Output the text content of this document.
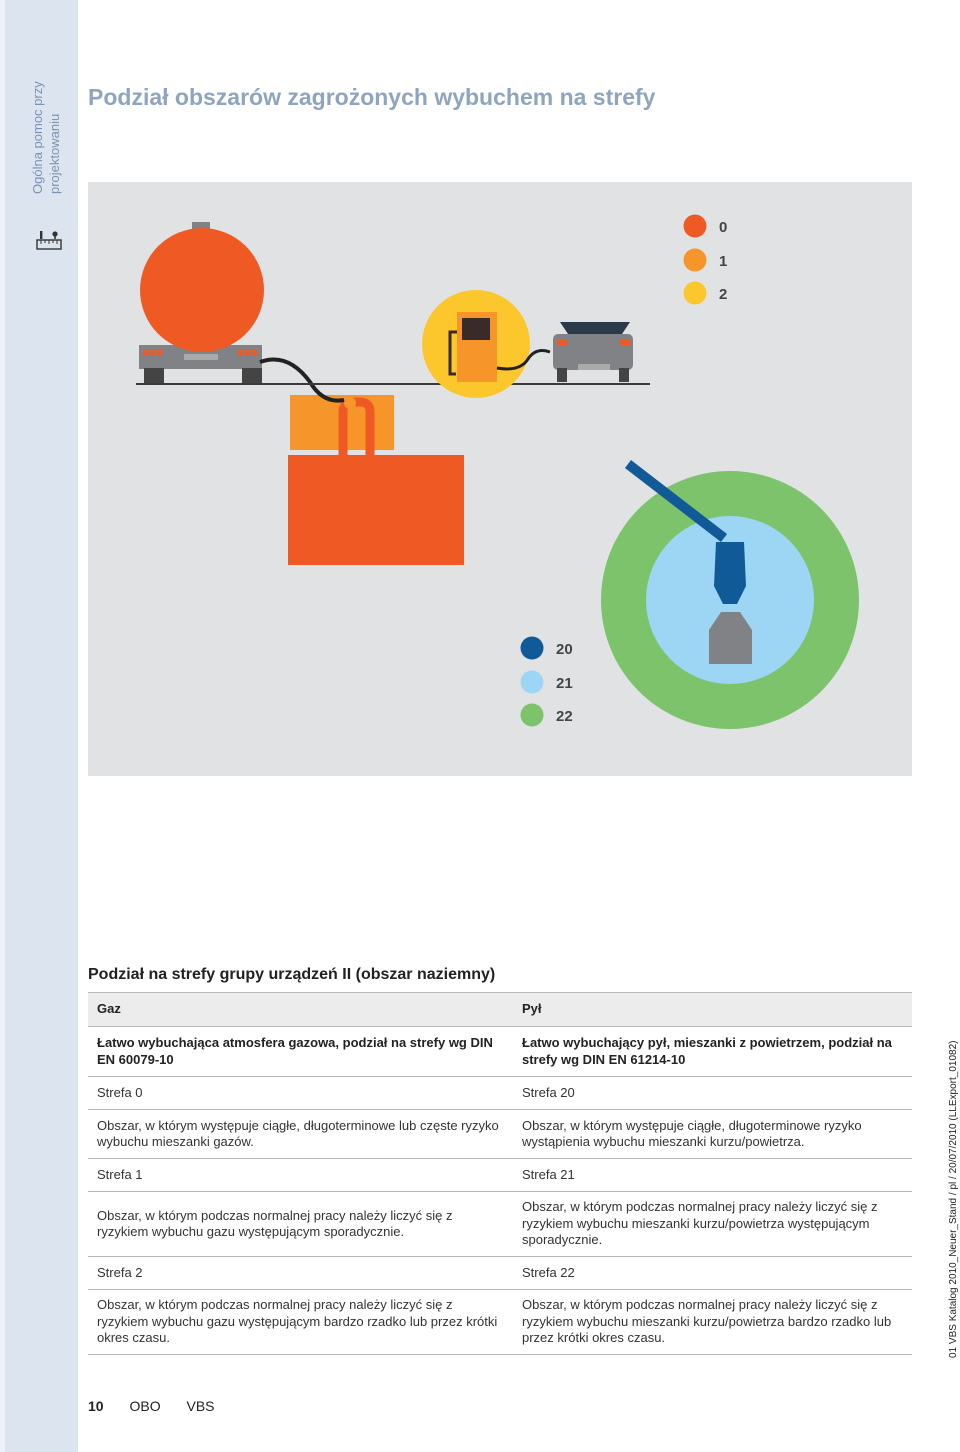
Ogólna pomoc przy projektowaniu
Podział obszarów zagrożonych wybuchem na strefy
0
1
2
20
21
22
Podział na strefy grupy urządzeń II (obszar naziemny)
Gaz	Pył
Łatwo wybuchająca atmosfera gazowa, podział na strefy wg DIN EN 60079-10	Łatwo wybuchający pył, mieszanki z powietrzem, podział na strefy wg DIN EN 61214-10
Strefa 0	Strefa 20
Obszar, w którym występuje ciągłe, długoterminowe lub częste ryzyko wybuchu mieszanki gazów.	Obszar, w którym występuje ciągłe, długoterminowe ryzyko wystąpienia wybuchu mieszanki kurzu/powietrza.
Strefa 1	Strefa 21
Obszar, w którym podczas normalnej pracy należy liczyć się z ryzykiem wybuchu gazu występującym sporadycznie.	Obszar, w którym podczas normalnej pracy należy liczyć się z ryzykiem wybuchu mieszanki kurzu/powietrza występującym sporadycznie.
Strefa 2	Strefa 22
Obszar, w którym podczas normalnej pracy należy liczyć się z ryzykiem wybuchu gazu występującym bardzo rzadko lub przez krótki okres czasu.	Obszar, w którym podczas normalnej pracy należy liczyć się z ryzykiem wybuchu mieszanki kurzu/powietrza bardzo rzadko lub przez krótki okres czasu.
10 OBO VBS
01 VBS Katalog 2010_Neuer_Stand / pl / 20/07/2010 (LLExport_01082)
